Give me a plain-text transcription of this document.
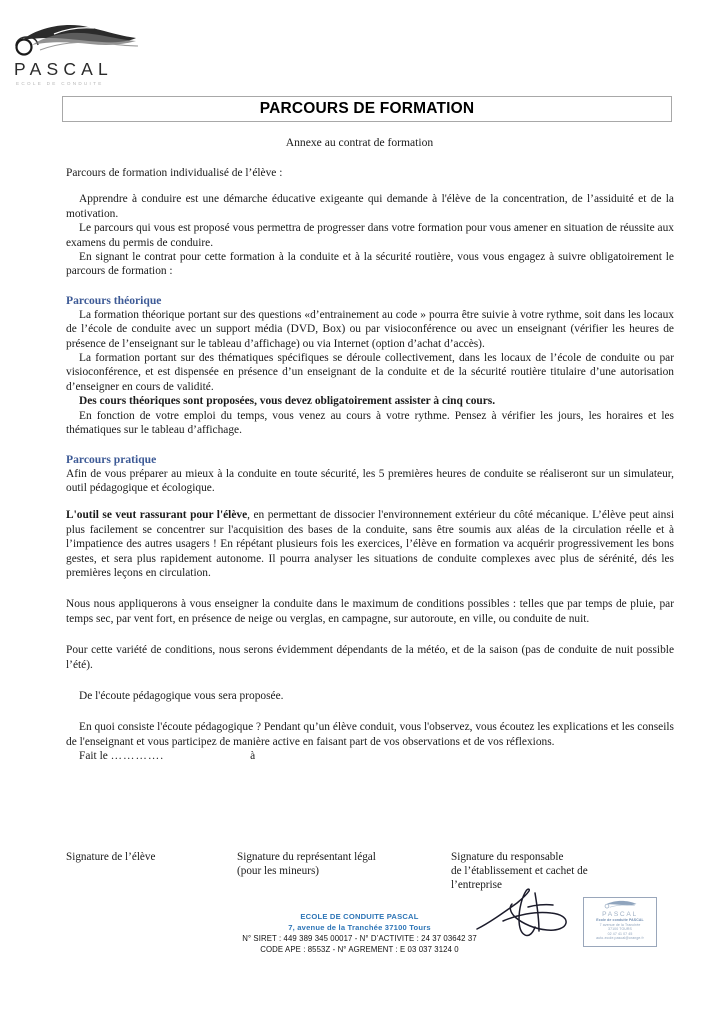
PASCAL
ECOLE DE CONDUITE
PARCOURS DE FORMATION
Annexe au contrat de formation

Parcours de formation individualisé de l’élève :

Apprendre à conduire est une démarche éducative exigeante qui demande à l'élève de la concentration, de l’assiduité et de la motivation.

Le parcours qui vous est proposé vous permettra de progresser dans votre formation pour vous amener en situation de réussite aux examens du permis de conduire.

En signant le contrat pour cette formation à la conduite et à la sécurité routière, vous vous engagez à suivre obligatoirement le parcours de formation :

Parcours théorique

La formation théorique portant sur des questions «d’entrainement au code » pourra être suivie à votre rythme, soit dans les locaux de l’école de conduite avec un support média (DVD, Box) ou par visioconférence ou avec un enseignant (vérifier les heures de présence de l’enseignant sur le tableau d’affichage) ou via Internet (option d’achat d’accès).

La formation portant sur des thématiques spécifiques se déroule collectivement, dans les locaux de l’école de conduite ou par visioconférence, et est dispensée en présence d’un enseignant de la conduite et de la sécurité routière titulaire d’une autorisation d’enseigner en cours de validité.

Des cours théoriques sont proposées, vous devez obligatoirement assister à cinq cours.

En fonction de votre emploi du temps, vous venez au cours à votre rythme. Pensez à vérifier les jours, les horaires et les thématiques sur le tableau d’affichage.

Parcours pratique

Afin de vous préparer au mieux à la conduite en toute sécurité, les 5 premières heures de conduite se réaliseront sur un simulateur, outil pédagogique et écologique.

L'outil se veut rassurant pour l'élève, en permettant de dissocier l'environnement extérieur du côté mécanique. L’élève peut ainsi plus facilement se concentrer sur l'acquisition des bases de la conduite, sans être soumis aux aléas de la circulation réelle et à l’impatience des autres usagers ! En répétant plusieurs fois les exercices, l’élève en formation va acquérir progressivement les bons gestes, et sera plus rapidement autonome. Il pourra analyser les situations de conduite complexes avec plus de sérénité, dés les premières leçons en circulation.

Nous nous appliquerons à vous enseigner la conduite dans le maximum de conditions possibles : telles que par temps de pluie, par temps sec, par vent fort, en présence de neige ou verglas, en campagne, sur autoroute, en ville, ou conduite de nuit.

Pour cette variété de conditions, nous serons évidemment dépendants de la météo, et de la saison (pas de conduite de nuit possible l’été).

De l'écoute pédagogique vous sera proposée.

En quoi consiste l'écoute pédagogique ? Pendant qu’un élève conduit, vous l'observez, vous écoutez les explications et les conseils de l'enseignant et vous participez de manière active en faisant part de vos observations et de vos réflexions.

Fait le ………….	à

Signature de l’élève	Signature du représentant légal
(pour les mineurs)
Signature du responsable
de l’établissement et cachet de
l’entreprise
PASCAL
Ecole de conduite PASCAL
7 avenue de la Tranchée
37100 TOURS
02 47 41 07 45
auto-ecole.pascal@orange.fr
ECOLE DE CONDUITE PASCAL
7, avenue de la Tranchée 37100 Tours
N° SIRET : 449 389 345 00017 - N° D’ACTIVITE : 24 37 03642 37
CODE APE : 8553Z - N° AGREMENT : E 03 037 3124 0
